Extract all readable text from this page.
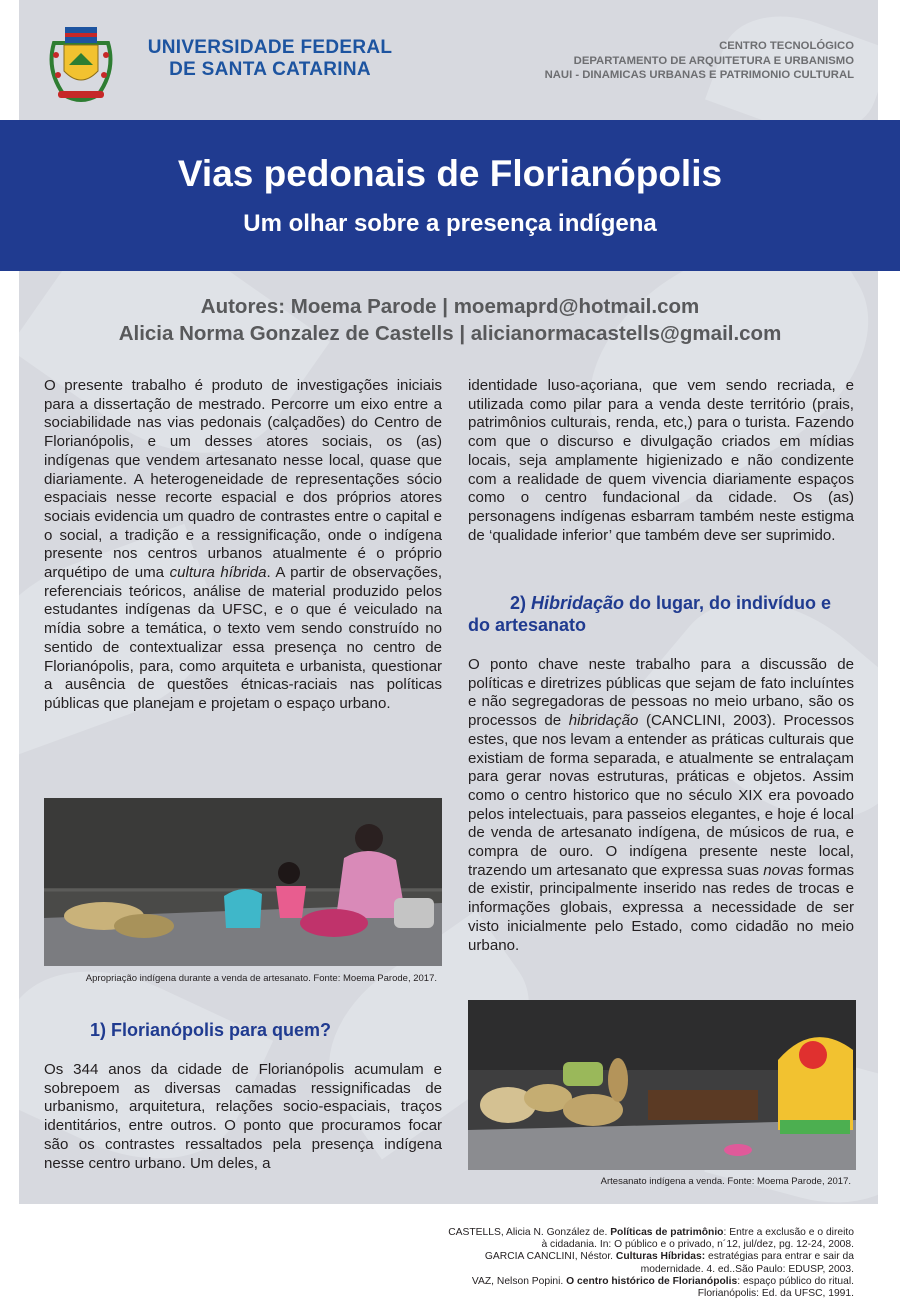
UNIVERSIDADE FEDERAL
DE SANTA CATARINA
CENTRO TECNOLÓGICO
DEPARTAMENTO DE ARQUITETURA E URBANISMO
NAUI - DINAMICAS URBANAS E PATRIMONIO CULTURAL
Vias pedonais de Florianópolis
Um olhar sobre a presença indígena
Autores: Moema Parode | moemaprd@hotmail.com
Alicia Norma Gonzalez de Castells | alicianormacastells@gmail.com

O presente trabalho é produto de investigações iniciais para a dissertação de mestrado. Percorre um eixo entre a sociabilidade nas vias pedonais (calçadões) do Centro de Florianópolis, e um desses atores sociais, os (as) indígenas que vendem artesanato nesse local, quase que diariamente. A heterogeneidade de representações sócio espaciais nesse recorte espacial e dos próprios atores sociais evidencia um quadro de contrastes entre o capital e o social, a tradição e a ressignificação, onde o indígena presente nos centros urbanos atualmente é o próprio arquétipo de uma cultura híbrida. A partir de observações, referenciais teóricos, análise de material produzido pelos estudantes indígenas da UFSC, e o que é veiculado na mídia sobre a temática, o texto vem sendo construído no sentido de contextualizar essa presença no centro de Florianópolis, para, como arquiteta e urbanista, questionar a ausência de questões étnicas-raciais nas políticas públicas que planejam e projetam o espaço urbano.

Apropriação indígena durante a venda de artesanato. Fonte: Moema Parode, 2017.
1) Florianópolis para quem?

Os 344 anos da cidade de Florianópolis acumulam e sobrepoem as diversas camadas ressignificadas de urbanismo, arquitetura, relações socio-espaciais, traços identitários, entre outros. O ponto que procuramos focar são os contrastes ressaltados pela presença indígena nesse centro urbano. Um deles, a

identidade luso-açoriana, que vem sendo recriada, e utilizada como pilar para a venda deste território (prais, patrimônios culturais, renda, etc,) para o turista. Fazendo com que o discurso e divulgação criados em mídias locais, seja amplamente higienizado e não condizente com a realidade de quem vivencia diariamente espaços como o centro fundacional da cidade. Os (as) personagens indígenas esbarram também neste estigma de ‘qualidade inferior’ que também deve ser suprimido.

2) Hibridação do lugar, do indivíduo e do artesanato

O ponto chave neste trabalho para a discussão de políticas e diretrizes públicas que sejam de fato incluíntes e não segregadoras de pessoas no meio urbano, são os processos de hibridação (CANCLINI, 2003). Processos estes, que nos levam a entender as práticas culturais que existiam de forma separada, e atualmente se entralaçam para gerar novas estruturas, práticas e objetos. Assim como o centro historico que no século XIX era povoado pelos intelectuais, para passeios elegantes, e hoje é local de venda de artesanato indígena, de músicos de rua, e compra de ouro. O indígena presente neste local, trazendo um artesanato que expressa suas novas formas de existir, principalmente inserido nas redes de trocas e informações globais, expressa a necessidade de ser visto inicialmente pelo Estado, como cidadão no meio urbano.

Artesanato indígena a venda. Fonte: Moema Parode, 2017.
CASTELLS, Alicia N. González de. Políticas de patrimônio: Entre a exclusão e o direito
à cidadania. In: O público e o privado, n´12, jul/dez, pg. 12-24, 2008.
GARCIA CANCLINI, Néstor. Culturas Híbridas: estratégias para entrar e sair da
modernidade. 4. ed..São Paulo: EDUSP, 2003.
VAZ, Nelson Popini. O centro histórico de Florianópolis: espaço público do ritual.
Florianópolis: Ed. da UFSC, 1991.
